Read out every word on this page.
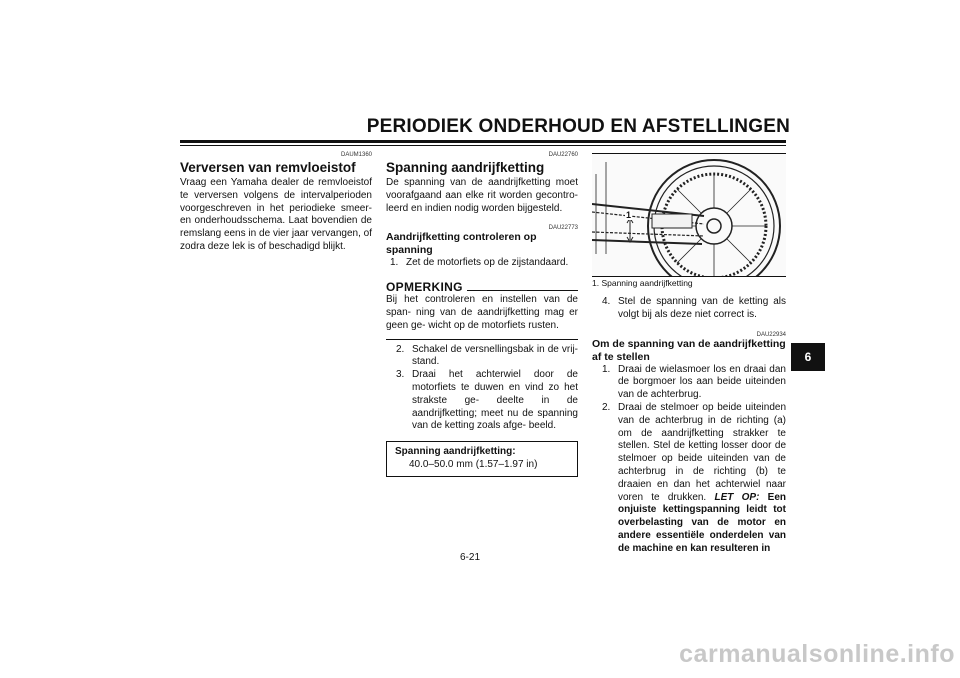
PERIODIEK ONDERHOUD EN AFSTELLINGEN
DAUM1360
Verversen van remvloeistof
Vraag een Yamaha dealer de remvloeistof te verversen volgens de intervalperioden voorgeschreven in het periodieke smeer- en onderhoudsschema. Laat bovendien de remslang eens in de vier jaar vervangen, of zodra deze lek is of beschadigd blijkt.
DAU22760
Spanning aandrijfketting
De spanning van de aandrijfketting moet voorafgaand aan elke rit worden gecontro- leerd en indien nodig worden bijgesteld.
DAU22773
Aandrijfketting controleren op spanning
1. Zet de motorfiets op de zijstandaard.
OPMERKING
Bij het controleren en instellen van de span- ning van de aandrijfketting mag er geen ge- wicht op de motorfiets rusten.
2. Schakel de versnellingsbak in de vrij- stand.
3. Draai het achterwiel door de motorfiets te duwen en vind zo het strakste ge- deelte in de aandrijfketting; meet nu de spanning van de ketting zoals afge- beeld.
Spanning aandrijfketting:
40.0–50.0 mm (1.57–1.97 in)
1
1. Spanning aandrijfketting
4. Stel de spanning van de ketting als volgt bij als deze niet correct is.
DAU22934
Om de spanning van de aandrijfketting af te stellen
1. Draai de wielasmoer los en draai dan de borgmoer los aan beide uiteinden van de achterbrug.
2. Draai de stelmoer op beide uiteinden van de achterbrug in de richting (a) om de aandrijfketting strakker te stellen. Stel de ketting losser door de stelmoer op beide uiteinden van de achterbrug in de richting (b) te draaien en dan het achterwiel naar voren te drukken. LET OP: Een onjuiste kettingspanning leidt tot overbelasting van de motor en andere essentiële onderdelen van de machine en kan resulteren in
6
6-21
carmanualsonline.info
